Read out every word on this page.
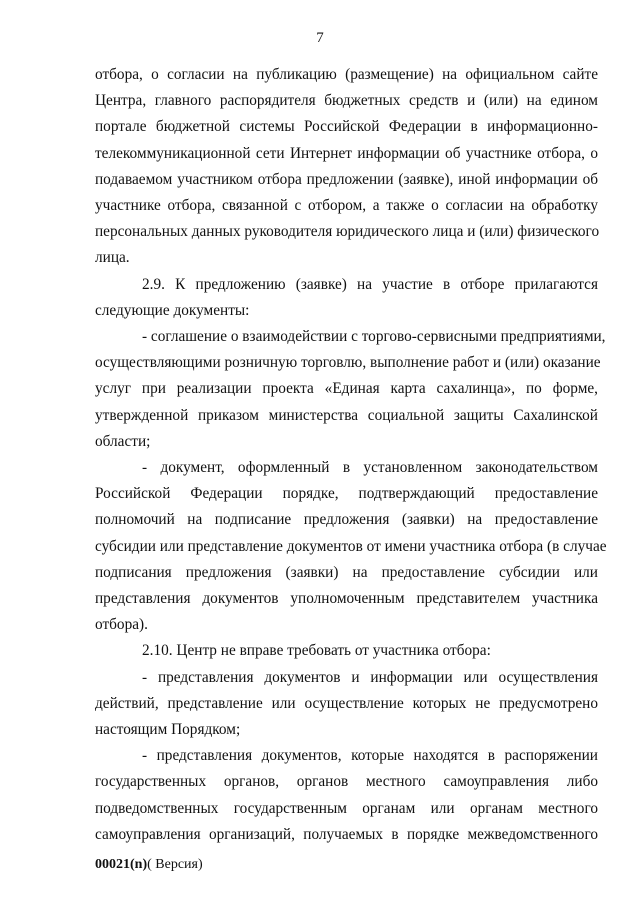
7
отбора, о согласии на публикацию (размещение) на официальном сайте
Центра, главного распорядителя бюджетных средств и (или) на едином
портале бюджетной системы Российской Федерации в информационно-
телекоммуникационной сети Интернет информации об участнике отбора, о
подаваемом участником отбора предложении (заявке), иной информации об
участнике отбора, связанной с отбором, а также о согласии на обработку
персональных данных руководителя юридического лица и (или) физического
лица.
2.9. К предложению (заявке) на участие в отборе прилагаются
следующие документы:
- соглашение о взаимодействии с торгово-сервисными предприятиями,
осуществляющими розничную торговлю, выполнение работ и (или) оказание
услуг при реализации проекта «Единая карта сахалинца», по форме,
утвержденной приказом министерства социальной защиты Сахалинской
области;
- документ, оформленный в установленном законодательством
Российской Федерации порядке, подтверждающий предоставление
полномочий на подписание предложения (заявки) на предоставление
субсидии или представление документов от имени участника отбора (в случае
подписания предложения (заявки) на предоставление субсидии или
представления документов уполномоченным представителем участника
отбора).
2.10. Центр не вправе требовать от участника отбора:
- представления документов и информации или осуществления
действий, представление или осуществление которых не предусмотрено
настоящим Порядком;
- представления документов, которые находятся в распоряжении
государственных органов, органов местного самоуправления либо
подведомственных государственным органам или органам местного
самоуправления организаций, получаемых в порядке межведомственного
00021(n)( Версия)
